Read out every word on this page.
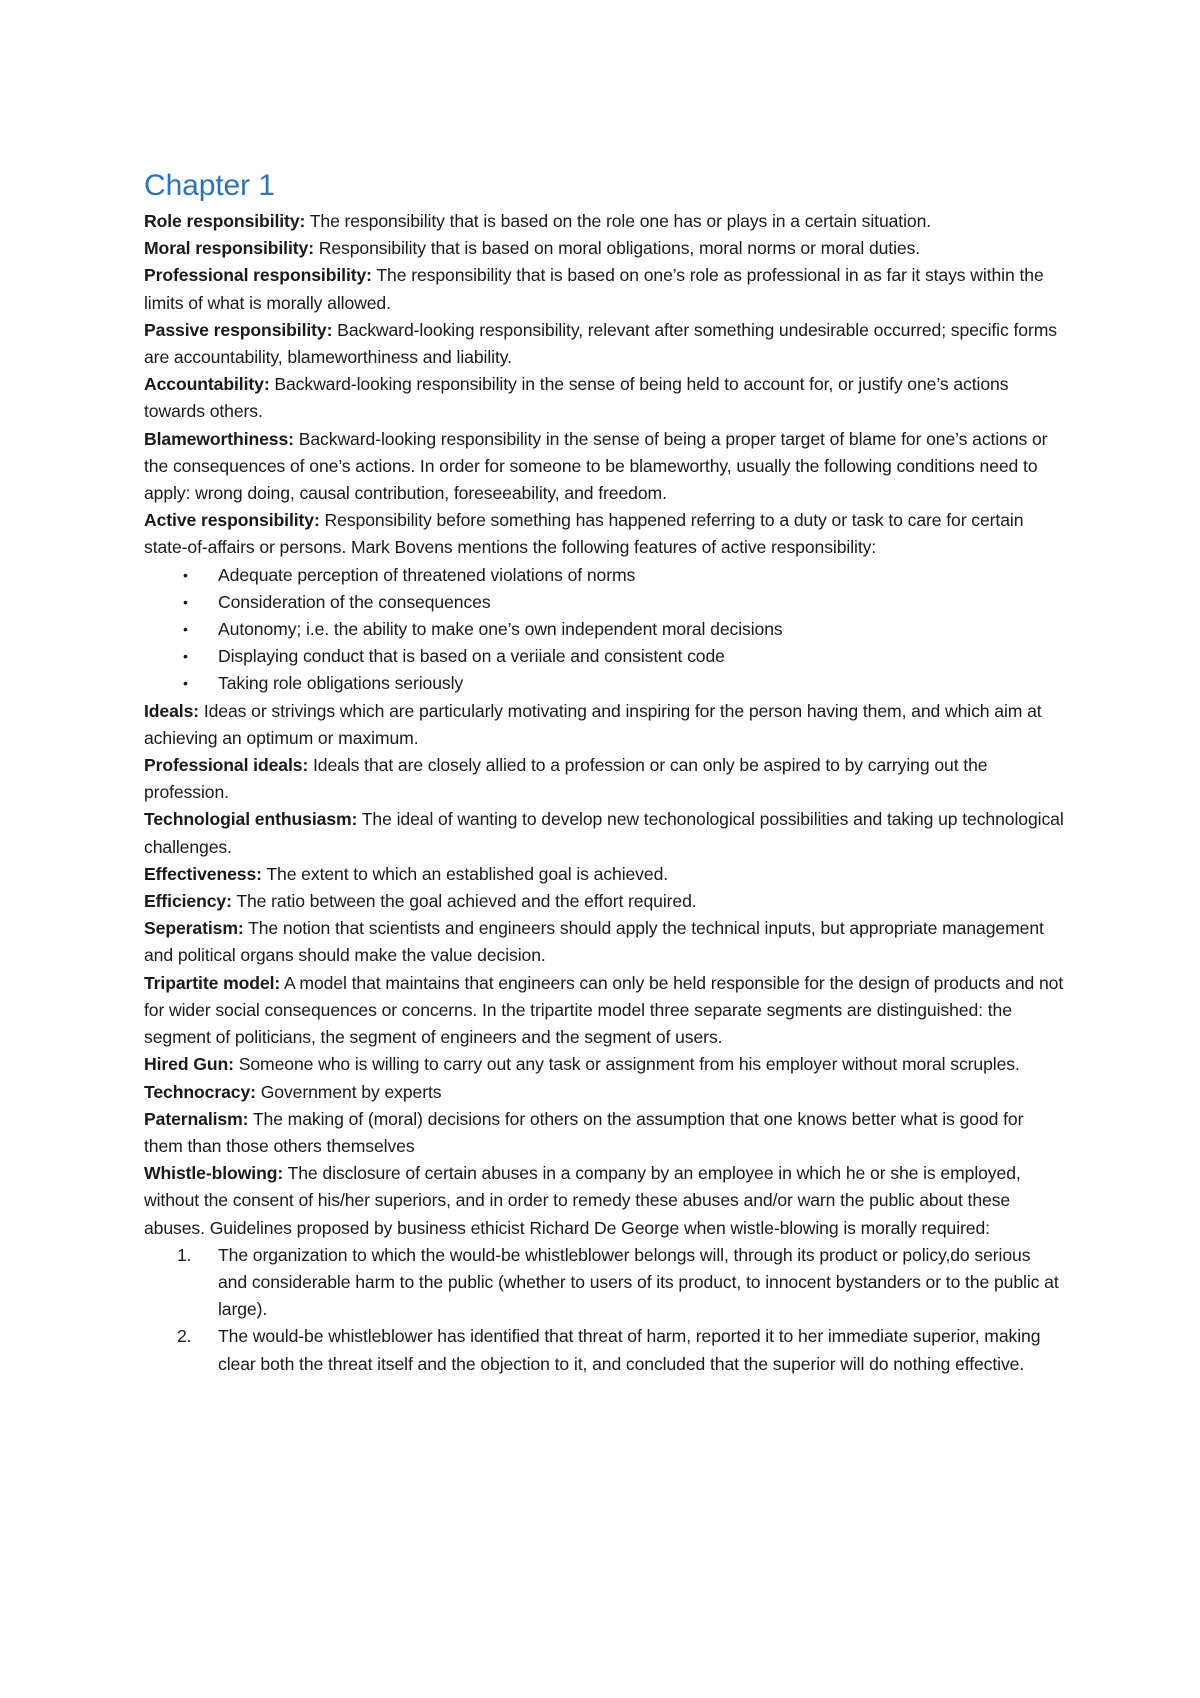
Chapter 1

Role responsibility: The responsibility that is based on the role one has or plays in a certain situation.

Moral responsibility: Responsibility that is based on moral obligations, moral norms or moral duties.

Professional responsibility: The responsibility that is based on one’s role as professional in as far it stays within the limits of what is morally allowed.

Passive responsibility: Backward-looking responsibility, relevant after something undesirable occurred; specific forms are accountability, blameworthiness and liability.

Accountability: Backward-looking responsibility in the sense of being held to account for, or justify one’s actions towards others.

Blameworthiness: Backward-looking responsibility in the sense of being a proper target of blame for one’s actions or the consequences of one’s actions. In order for someone to be blameworthy, usually the following conditions need to apply: wrong doing, causal contribution, foreseeability, and freedom.

Active responsibility: Responsibility before something has happened referring to a duty or task to care for certain state-of-affairs or persons. Mark Bovens mentions the following features of active responsibility:

• Adequate perception of threatened violations of norms
• Consideration of the consequences
• Autonomy; i.e. the ability to make one’s own independent moral decisions
• Displaying conduct that is based on a veriiale and consistent code
• Taking role obligations seriously

Ideals: Ideas or strivings which are particularly motivating and inspiring for the person having them, and which aim at achieving an optimum or maximum.

Professional ideals: Ideals that are closely allied to a profession or can only be aspired to by carrying out the profession.

Technologial enthusiasm: The ideal of wanting to develop new techonological possibilities and taking up technological challenges.

Effectiveness: The extent to which an established goal is achieved.

Efficiency: The ratio between the goal achieved and the effort required.

Seperatism: The notion that scientists and engineers should apply the technical inputs, but appropriate management and political organs should make the value decision.

Tripartite model: A model that maintains that engineers can only be held responsible for the design of products and not for wider social consequences or concerns. In the tripartite model three separate segments are distinguished: the segment of politicians, the segment of engineers and the segment of users.

Hired Gun: Someone who is willing to carry out any task or assignment from his employer without moral scruples.

Technocracy: Government by experts

Paternalism: The making of (moral) decisions for others on the assumption that one knows better what is good for them than those others themselves

Whistle-blowing: The disclosure of certain abuses in a company by an employee in which he or she is employed, without the consent of his/her superiors, and in order to remedy these abuses and/or warn the public about these abuses. Guidelines proposed by business ethicist Richard De George when wistle-blowing is morally required:

1. The organization to which the would-be whistleblower belongs will, through its product or policy,do serious and considerable harm to the public (whether to users of its product, to innocent bystanders or to the public at large).
2. The would-be whistleblower has identified that threat of harm, reported it to her immediate superior, making clear both the threat itself and the objection to it, and concluded that the superior will do nothing effective.
